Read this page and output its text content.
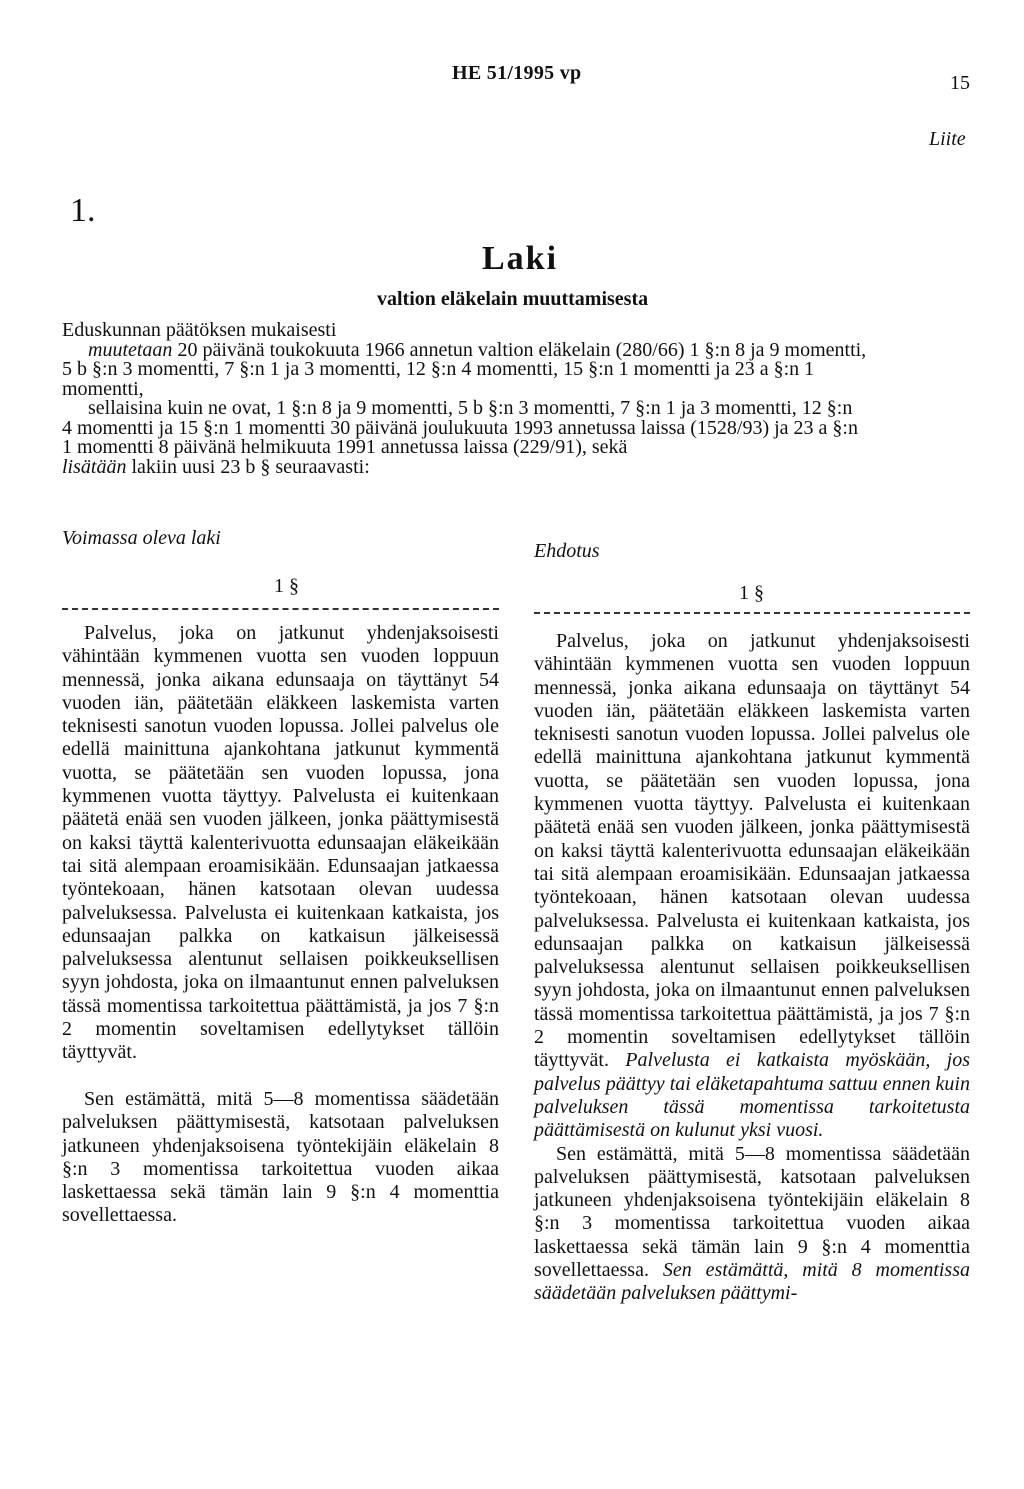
HE 51/1995 vp	15
Liite
1.
Laki
valtion eläkelain muuttamisesta

Eduskunnan päätöksen mukaisesti
muutetaan 20 päivänä toukokuuta 1966 annetun valtion eläkelain (280/66) 1 §:n 8 ja 9 momentti,
5 b §:n 3 momentti, 7 §:n 1 ja 3 momentti, 12 §:n 4 momentti, 15 §:n 1 momentti ja 23 a §:n 1
momentti,
sellaisina kuin ne ovat, 1 §:n 8 ja 9 momentti, 5 b §:n 3 momentti, 7 §:n 1 ja 3 momentti, 12 §:n
4 momentti ja 15 §:n 1 momentti 30 päivänä joulukuuta 1993 annetussa laissa (1528/93) ja 23 a §:n
1 momentti 8 päivänä helmikuuta 1991 annetussa laissa (229/91), sekä
lisätään lakiin uusi 23 b § seuraavasti:

Voimassa oleva laki
Ehdotus
1 §	1 §

Palvelus, joka on jatkunut yhdenjaksoisesti vähintään kymmenen vuotta sen vuoden loppuun mennessä, jonka aikana edunsaaja on täyttänyt 54 vuoden iän, päätetään eläkkeen laskemista varten teknisesti sanotun vuoden lopussa. Jollei palvelus ole edellä mainittuna ajankohtana jatkunut kymmentä vuotta, se päätetään sen vuoden lopussa, jona kymmenen vuotta täyttyy. Palvelusta ei kuitenkaan päätetä enää sen vuoden jälkeen, jonka päättymisestä on kaksi täyttä kalenterivuotta edunsaajan eläkeikään tai sitä alempaan eroamisikään. Edunsaajan jatkaessa työntekoaan, hänen katsotaan olevan uudessa palveluksessa. Palvelusta ei kuitenkaan katkaista, jos edunsaajan palkka on katkaisun jälkeisessä palveluksessa alentunut sellaisen poikkeuksellisen syyn johdosta, joka on ilmaantunut ennen palveluksen tässä momentissa tarkoitettua päättämistä, ja jos 7 §:n 2 momentin soveltamisen edellytykset tällöin täyttyvät.

Sen estämättä, mitä 5—8 momentissa säädetään palveluksen päättymisestä, katsotaan palveluksen jatkuneen yhdenjaksoisena työntekijäin eläkelain 8 §:n 3 momentissa tarkoitettua vuoden aikaa laskettaessa sekä tämän lain 9 §:n 4 momenttia sovellettaessa.

Palvelus, joka on jatkunut yhdenjaksoisesti vähintään kymmenen vuotta sen vuoden loppuun mennessä, jonka aikana edunsaaja on täyttänyt 54 vuoden iän, päätetään eläkkeen laskemista varten teknisesti sanotun vuoden lopussa. Jollei palvelus ole edellä mainittuna ajankohtana jatkunut kymmentä vuotta, se päätetään sen vuoden lopussa, jona kymmenen vuotta täyttyy. Palvelusta ei kuitenkaan päätetä enää sen vuoden jälkeen, jonka päättymisestä on kaksi täyttä kalenterivuotta edunsaajan eläkeikään tai sitä alempaan eroamisikään. Edunsaajan jatkaessa työntekoaan, hänen katsotaan olevan uudessa palveluksessa. Palvelusta ei kuitenkaan katkaista, jos edunsaajan palkka on katkaisun jälkeisessä palveluksessa alentunut sellaisen poikkeuksellisen syyn johdosta, joka on ilmaantunut ennen palveluksen tässä momentissa tarkoitettua päättämistä, ja jos 7 §:n 2 momentin soveltamisen edellytykset tällöin täyttyvät. Palvelusta ei katkaista myöskään, jos palvelus päättyy tai eläketapahtuma sattuu ennen kuin palveluksen tässä momentissa tarkoitetusta päättämisestä on kulunut yksi vuosi.

Sen estämättä, mitä 5—8 momentissa säädetään palveluksen päättymisestä, katsotaan palveluksen jatkuneen yhdenjaksoisena työntekijäin eläkelain 8 §:n 3 momentissa tarkoitettua vuoden aikaa laskettaessa sekä tämän lain 9 §:n 4 momenttia sovellettaessa. Sen estämättä, mitä 8 momentissa säädetään palveluksen päättymi-
